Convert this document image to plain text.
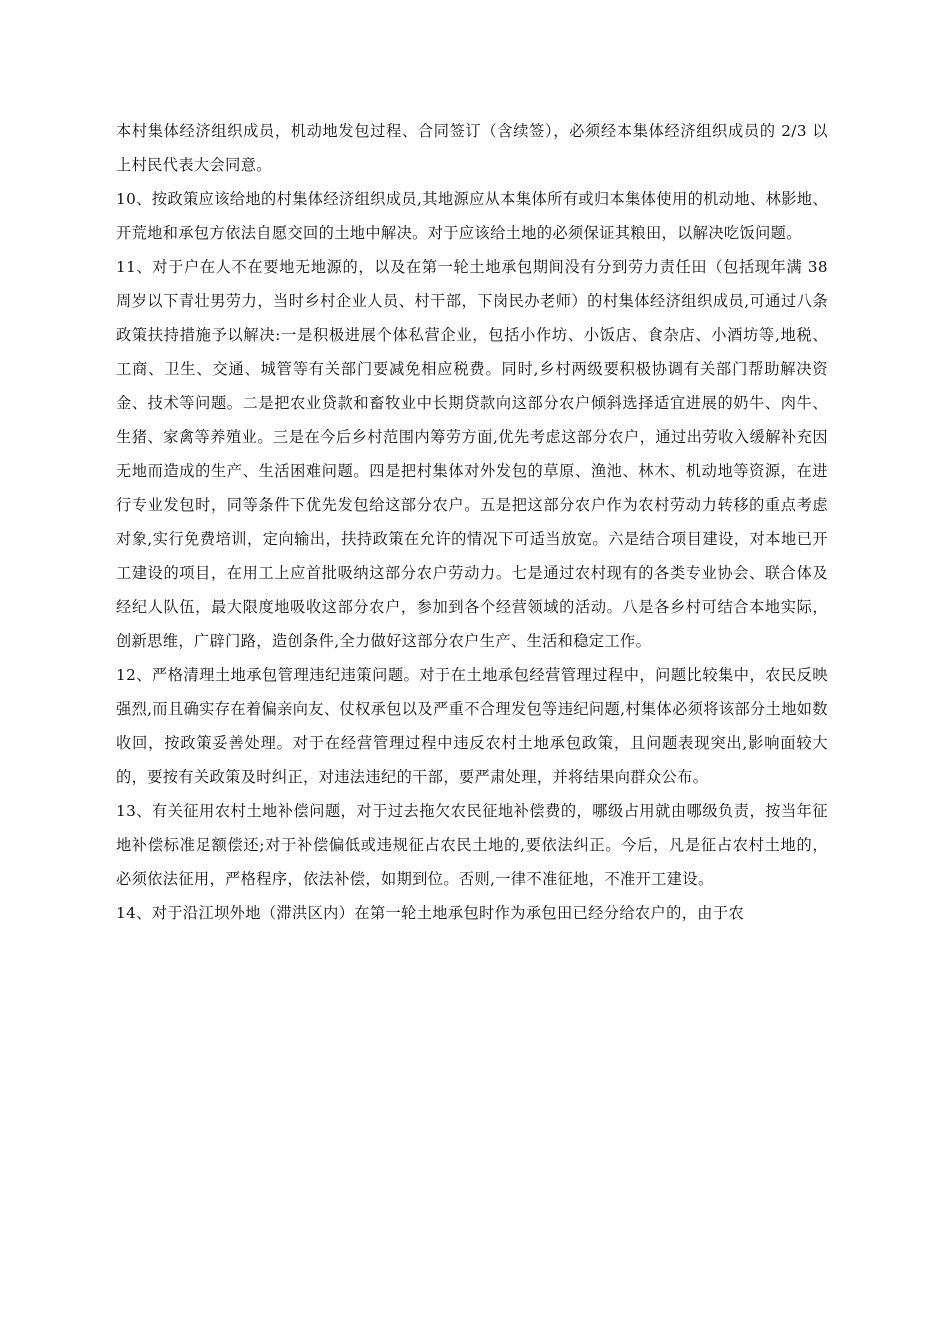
本村集体经济组织成员，机动地发包过程、合同签订（含续签），必须经本集体经济组织成员的 2/3 以上村民代表大会同意。

10、按政策应该给地的村集体经济组织成员,其地源应从本集体所有或归本集体使用的机动地、林影地、开荒地和承包方依法自愿交回的土地中解决。对于应该给土地的必须保证其粮田，以解决吃饭问题。

11、对于户在人不在要地无地源的，以及在第一轮土地承包期间没有分到劳力责任田（包括现年满 38 周岁以下青壮男劳力，当时乡村企业人员、村干部，下岗民办老师）的村集体经济组织成员,可通过八条政策扶持措施予以解决:一是积极进展个体私营企业，包括小作坊、小饭店、食杂店、小酒坊等,地税、工商、卫生、交通、城管等有关部门要减免相应税费。同时,乡村两级要积极协调有关部门帮助解决资金、技术等问题。二是把农业贷款和畜牧业中长期贷款向这部分农户倾斜选择适宜进展的奶牛、肉牛、生猪、家禽等养殖业。三是在今后乡村范围内筹劳方面,优先考虑这部分农户，通过出劳收入缓解补充因无地而造成的生产、生活困难问题。四是把村集体对外发包的草原、渔池、林木、机动地等资源，在进行专业发包时，同等条件下优先发包给这部分农户。五是把这部分农户作为农村劳动力转移的重点考虑对象,实行免费培训，定向输出，扶持政策在允许的情况下可适当放宽。六是结合项目建设，对本地已开工建设的项目，在用工上应首批吸纳这部分农户劳动力。七是通过农村现有的各类专业协会、联合体及经纪人队伍，最大限度地吸收这部分农户，参加到各个经营领域的活动。八是各乡村可结合本地实际，创新思维，广辟门路，造创条件,全力做好这部分农户生产、生活和稳定工作。

12、严格清理土地承包管理违纪违策问题。对于在土地承包经营管理过程中，问题比较集中，农民反映强烈,而且确实存在着偏亲向友、仗权承包以及严重不合理发包等违纪问题,村集体必须将该部分土地如数收回，按政策妥善处理。对于在经营管理过程中违反农村土地承包政策，且问题表现突出,影响面较大的，要按有关政策及时纠正，对违法违纪的干部，要严肃处理，并将结果向群众公布。

13、有关征用农村土地补偿问题，对于过去拖欠农民征地补偿费的，哪级占用就由哪级负责，按当年征地补偿标准足额偿还;对于补偿偏低或违规征占农民土地的,要依法纠正。今后，凡是征占农村土地的，必须依法征用，严格程序，依法补偿，如期到位。否则,一律不准征地，不准开工建设。

14、对于沿江坝外地（滞洪区内）在第一轮土地承包时作为承包田已经分给农户的，由于农
